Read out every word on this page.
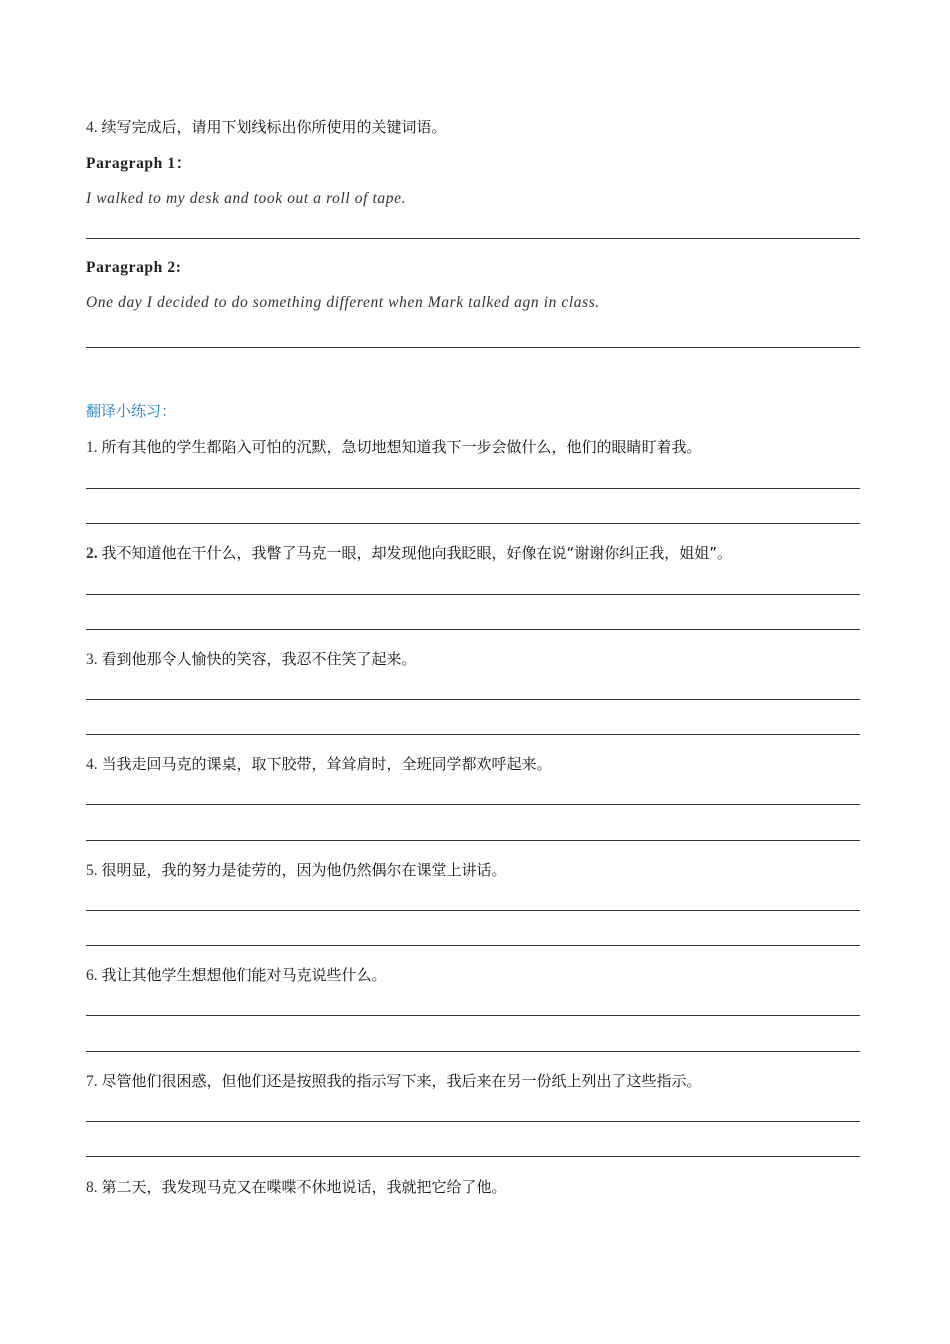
4. 续写完成后，请用下划线标出你所使用的关键词语。
Paragraph 1：
I walked to my desk and took out a roll of tape.
Paragraph 2:
One day I decided to do something different when Mark talked agn in class.
翻译小练习：
1. 所有其他的学生都陷入可怕的沉默，急切地想知道我下一步会做什么，他们的眼睛盯着我。
2. 我不知道他在干什么，我瞥了马克一眼，却发现他向我眨眼，好像在说“谢谢你纠正我，姐姐”。
3. 看到他那令人愉快的笑容，我忍不住笑了起来。
4. 当我走回马克的课桌，取下胶带，耸耸肩时，全班同学都欢呼起来。
5. 很明显，我的努力是徒劳的，因为他仍然偶尔在课堂上讲话。
6. 我让其他学生想想他们能对马克说些什么。
7. 尽管他们很困惑，但他们还是按照我的指示写下来，我后来在另一份纸上列出了这些指示。
8. 第二天，我发现马克又在喋喋不休地说话，我就把它给了他。
